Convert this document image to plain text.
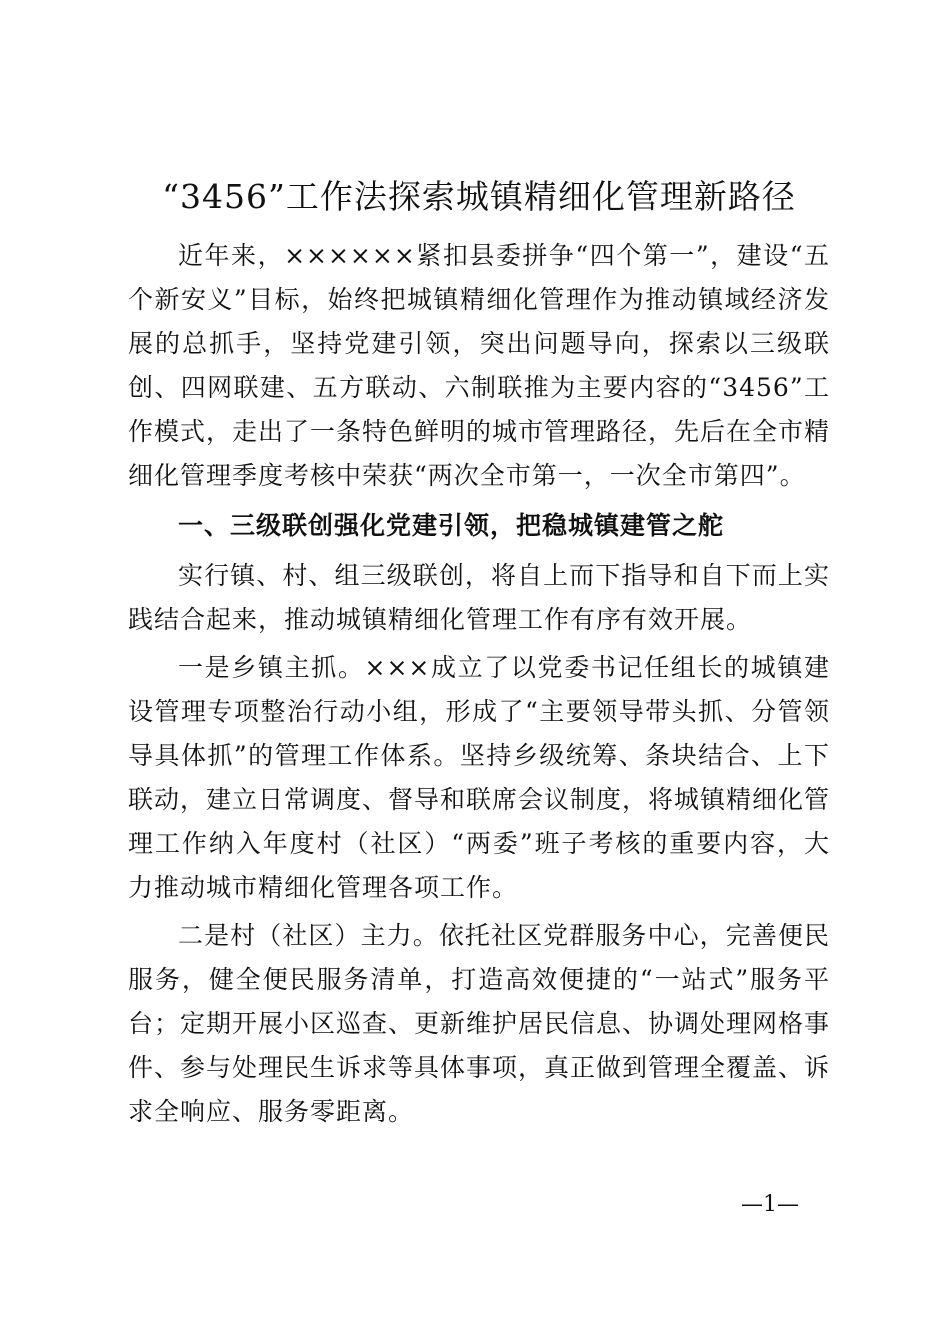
“3456”工作法探索城镇精细化管理新路径

近年来，××××××紧扣县委拼争“四个第一”，建设“五个新安义”目标，始终把城镇精细化管理作为推动镇域经济发展的总抓手，坚持党建引领，突出问题导向，探索以三级联创、四网联建、五方联动、六制联推为主要内容的“3456”工作模式，走出了一条特色鲜明的城市管理路径，先后在全市精细化管理季度考核中荣获“两次全市第一，一次全市第四”。

一、三级联创强化党建引领，把稳城镇建管之舵

实行镇、村、组三级联创，将自上而下指导和自下而上实践结合起来，推动城镇精细化管理工作有序有效开展。

一是乡镇主抓。×××成立了以党委书记任组长的城镇建设管理专项整治行动小组，形成了“主要领导带头抓、分管领导具体抓”的管理工作体系。坚持乡级统筹、条块结合、上下联动，建立日常调度、督导和联席会议制度，将城镇精细化管理工作纳入年度村（社区）“两委”班子考核的重要内容，大力推动城市精细化管理各项工作。

二是村（社区）主力。依托社区党群服务中心，完善便民服务，健全便民服务清单，打造高效便捷的“一站式”服务平台；定期开展小区巡查、更新维护居民信息、协调处理网格事件、参与处理民生诉求等具体事项，真正做到管理全覆盖、诉求全响应、服务零距离。

—1—
